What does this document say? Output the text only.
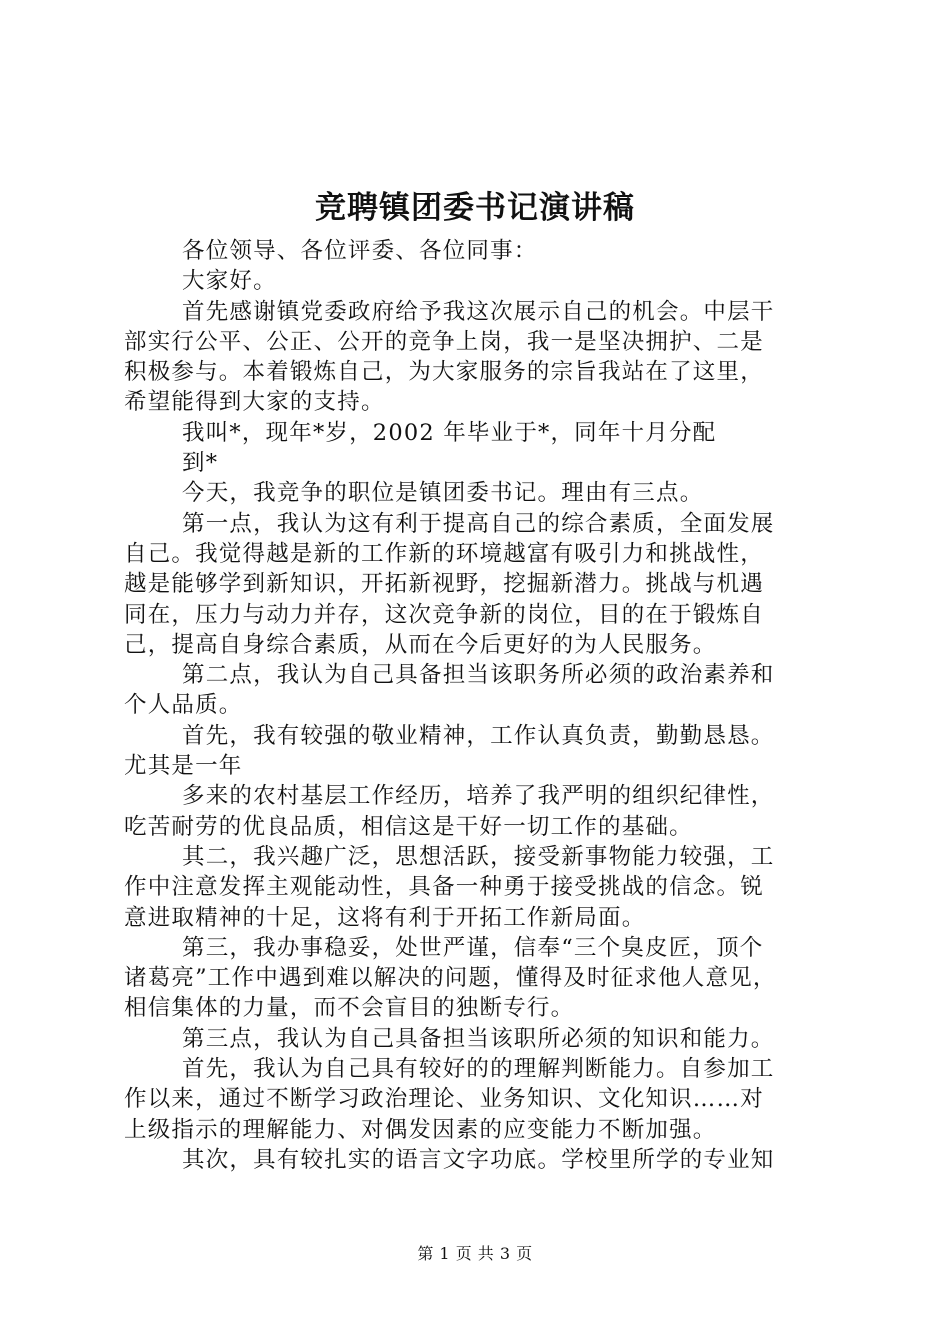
竞聘镇团委书记演讲稿
各位领导、各位评委、各位同事：
大家好。
首先感谢镇党委政府给予我这次展示自己的机会。中层干
部实行公平、公正、公开的竞争上岗，我一是坚决拥护、二是
积极参与。本着锻炼自己，为大家服务的宗旨我站在了这里，
希望能得到大家的支持。
我叫*，现年*岁，2002 年毕业于*，同年十月分配
到*
今天，我竞争的职位是镇团委书记。理由有三点。
第一点，我认为这有利于提高自己的综合素质，全面发展
自己。我觉得越是新的工作新的环境越富有吸引力和挑战性，
越是能够学到新知识，开拓新视野，挖掘新潜力。挑战与机遇
同在，压力与动力并存，这次竞争新的岗位，目的在于锻炼自
己，提高自身综合素质，从而在今后更好的为人民服务。
第二点，我认为自己具备担当该职务所必须的政治素养和
个人品质。
首先，我有较强的敬业精神，工作认真负责，勤勤恳恳。
尤其是一年
多来的农村基层工作经历，培养了我严明的组织纪律性，
吃苦耐劳的优良品质，相信这是干好一切工作的基础。
其二，我兴趣广泛，思想活跃，接受新事物能力较强，工
作中注意发挥主观能动性，具备一种勇于接受挑战的信念。锐
意进取精神的十足，这将有利于开拓工作新局面。
第三，我办事稳妥，处世严谨，信奉“三个臭皮匠，顶个
诸葛亮”工作中遇到难以解决的问题，懂得及时征求他人意见，
相信集体的力量，而不会盲目的独断专行。
第三点，我认为自己具备担当该职所必须的知识和能力。
首先，我认为自己具有较好的的理解判断能力。自参加工
作以来，通过不断学习政治理论、业务知识、文化知识……对
上级指示的理解能力、对偶发因素的应变能力不断加强。
其次，具有较扎实的语言文字功底。学校里所学的专业知
第 1 页 共 3 页
